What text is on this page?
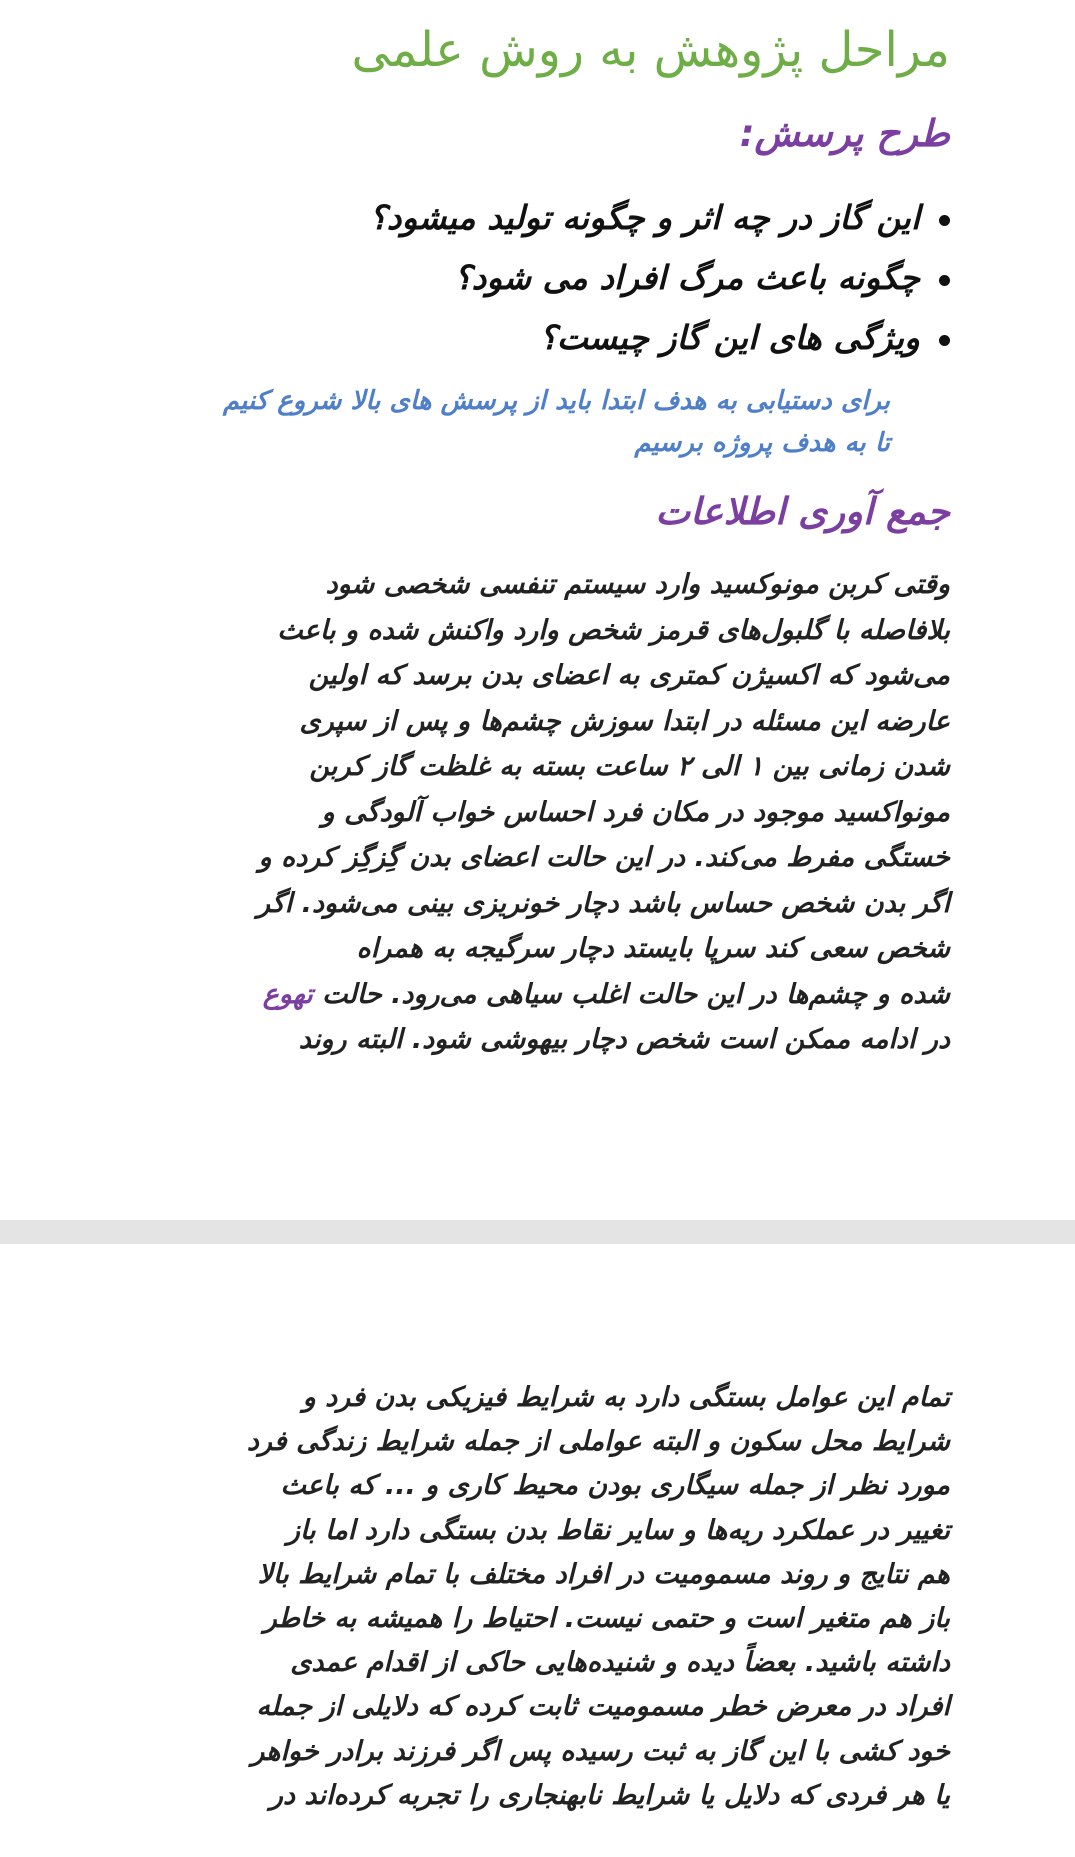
مراحل پژوهش به روش علمی
طرح پرسش:
این گاز در چه اثر و چگونه تولید میشود؟
چگونه باعث مرگ افراد می شود؟
ویژگی های این گاز چیست؟
برای دستیابی به هدف ابتدا باید از پرسش های بالا شروع کنیم
تا به هدف پروژه برسیم
جمع آوری اطلاعات
وقتی کربن مونوکسید وارد سیستم تنفسی شخصی شود
بلافاصله با گلبول‌های قرمز شخص وارد واکنش شده و باعث
می‌شود که اکسیژن کمتری به اعضای بدن برسد که اولین
عارضه این مسئله در ابتدا سوزش چشم‌ها و پس از سپری
شدن زمانی بین ۱ الی ۲ ساعت بسته به غلظت گاز کربن
مونواکسید موجود در مکان فرد احساس خواب آلودگی و
خستگی مفرط می‌کند. در این حالت اعضای بدن گِزگِز کرده و
اگر بدن شخص حساس باشد دچار خونریزی بینی می‌شود. اگر
شخص سعی کند سرپا بایستد دچار سرگیجه به همراه
شده و چشم‌ها در این حالت اغلب سیاهی می‌رود. حالت تهوع
در ادامه ممکن است شخص دچار بیهوشی شود. البته روند
تمام این عوامل بستگی دارد به شرایط فیزیکی بدن فرد و
شرایط محل سکون و البته عواملی از جمله شرایط زندگی فرد
مورد نظر از جمله سیگاری بودن محیط کاری و ... که باعث
تغییر در عملکرد ریه‌ها و سایر نقاط بدن بستگی دارد اما باز
هم نتایج و روند مسمومیت در افراد مختلف با تمام شرایط بالا
باز هم متغیر است و حتمی نیست. احتیاط را همیشه به خاطر
داشته باشید. بعضاً دیده و شنیده‌هایی حاکی از اقدام عمدی
افراد در معرض خطر مسمومیت ثابت کرده که دلایلی از جمله
خود کشی با این گاز به ثبت رسیده پس اگر فرزند برادر خواهر
یا هر فردی که دلایل یا شرایط نابهنجاری را تجربه کرده‌اند در
